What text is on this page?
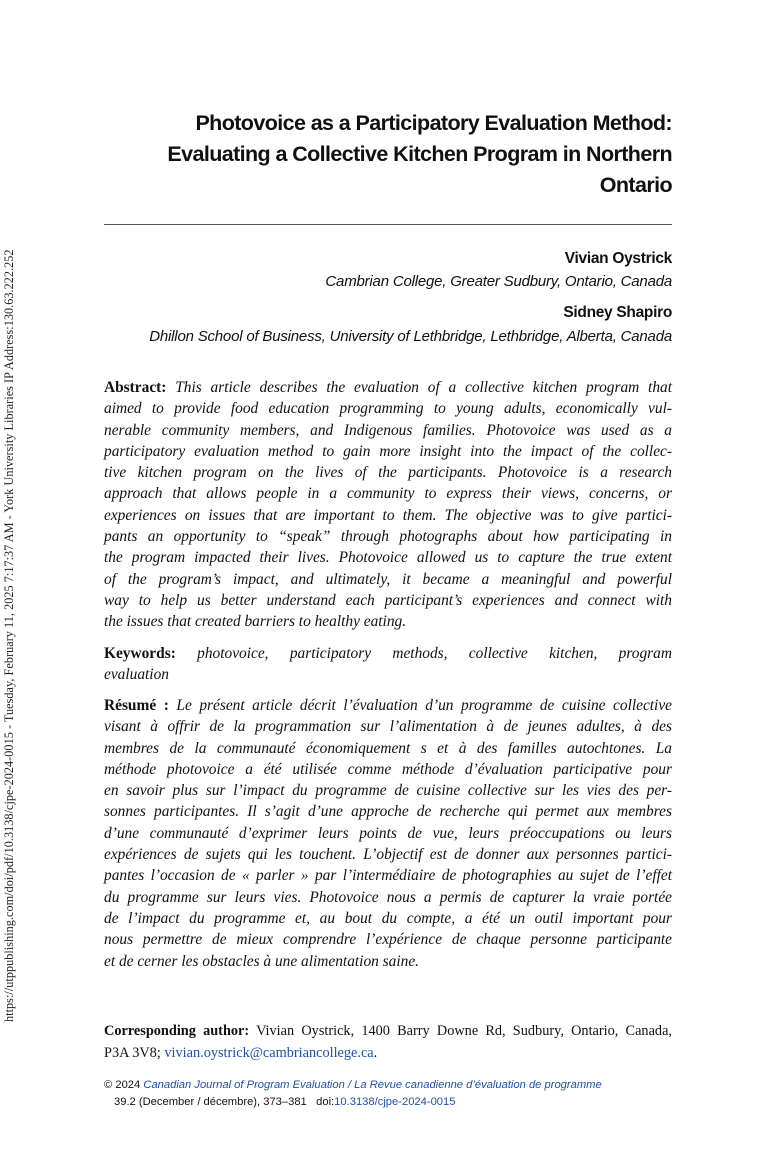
https://utppublishing.com/doi/pdf/10.3138/cjpe-2024-0015 - Tuesday, February 11, 2025 7:17:37 AM - York University Libraries IP Address:130.63.222.252
Photovoice as a Participatory Evaluation Method:
Evaluating a Collective Kitchen Program in Northern
Ontario
Vivian Oystrick
Cambrian College, Greater Sudbury, Ontario, Canada
Sidney Shapiro
Dhillon School of Business, University of Lethbridge, Lethbridge, Alberta, Canada
Abstract: This article describes the evaluation of a collective kitchen program that
aimed to provide food education programming to young adults, economically vul-
nerable community members, and Indigenous families. Photovoice was used as a
participatory evaluation method to gain more insight into the impact of the collec-
tive kitchen program on the lives of the participants. Photovoice is a research
approach that allows people in a community to express their views, concerns, or
experiences on issues that are important to them. The objective was to give partici-
pants an opportunity to “speak” through photographs about how participating in
the program impacted their lives. Photovoice allowed us to capture the true extent
of the program’s impact, and ultimately, it became a meaningful and powerful
way to help us better understand each participant’s experiences and connect with
the issues that created barriers to healthy eating.
Keywords: photovoice, participatory methods, collective kitchen, program
evaluation
Résumé : Le présent article décrit l’évaluation d’un programme de cuisine collective
visant à offrir de la programmation sur l’alimentation à de jeunes adultes, à des
membres de la communauté économiquement s et à des familles autochtones. La
méthode photovoice a été utilisée comme méthode d’évaluation participative pour
en savoir plus sur l’impact du programme de cuisine collective sur les vies des per-
sonnes participantes. Il s’agit d’une approche de recherche qui permet aux membres
d’une communauté d’exprimer leurs points de vue, leurs préoccupations ou leurs
expériences de sujets qui les touchent. L’objectif est de donner aux personnes partici-
pantes l’occasion de « parler » par l’intermédiaire de photographies au sujet de l’effet
du programme sur leurs vies. Photovoice nous a permis de capturer la vraie portée
de l’impact du programme et, au bout du compte, a été un outil important pour
nous permettre de mieux comprendre l’expérience de chaque personne participante
et de cerner les obstacles à une alimentation saine.
Corresponding author: Vivian Oystrick, 1400 Barry Downe Rd, Sudbury, Ontario, Canada,
P3A 3V8; vivian.oystrick@cambriancollege.ca.
© 2024 Canadian Journal of Program Evaluation / La Revue canadienne d’évaluation de programme
39.2 (December / décembre), 373–381 doi:10.3138/cjpe-2024-0015
